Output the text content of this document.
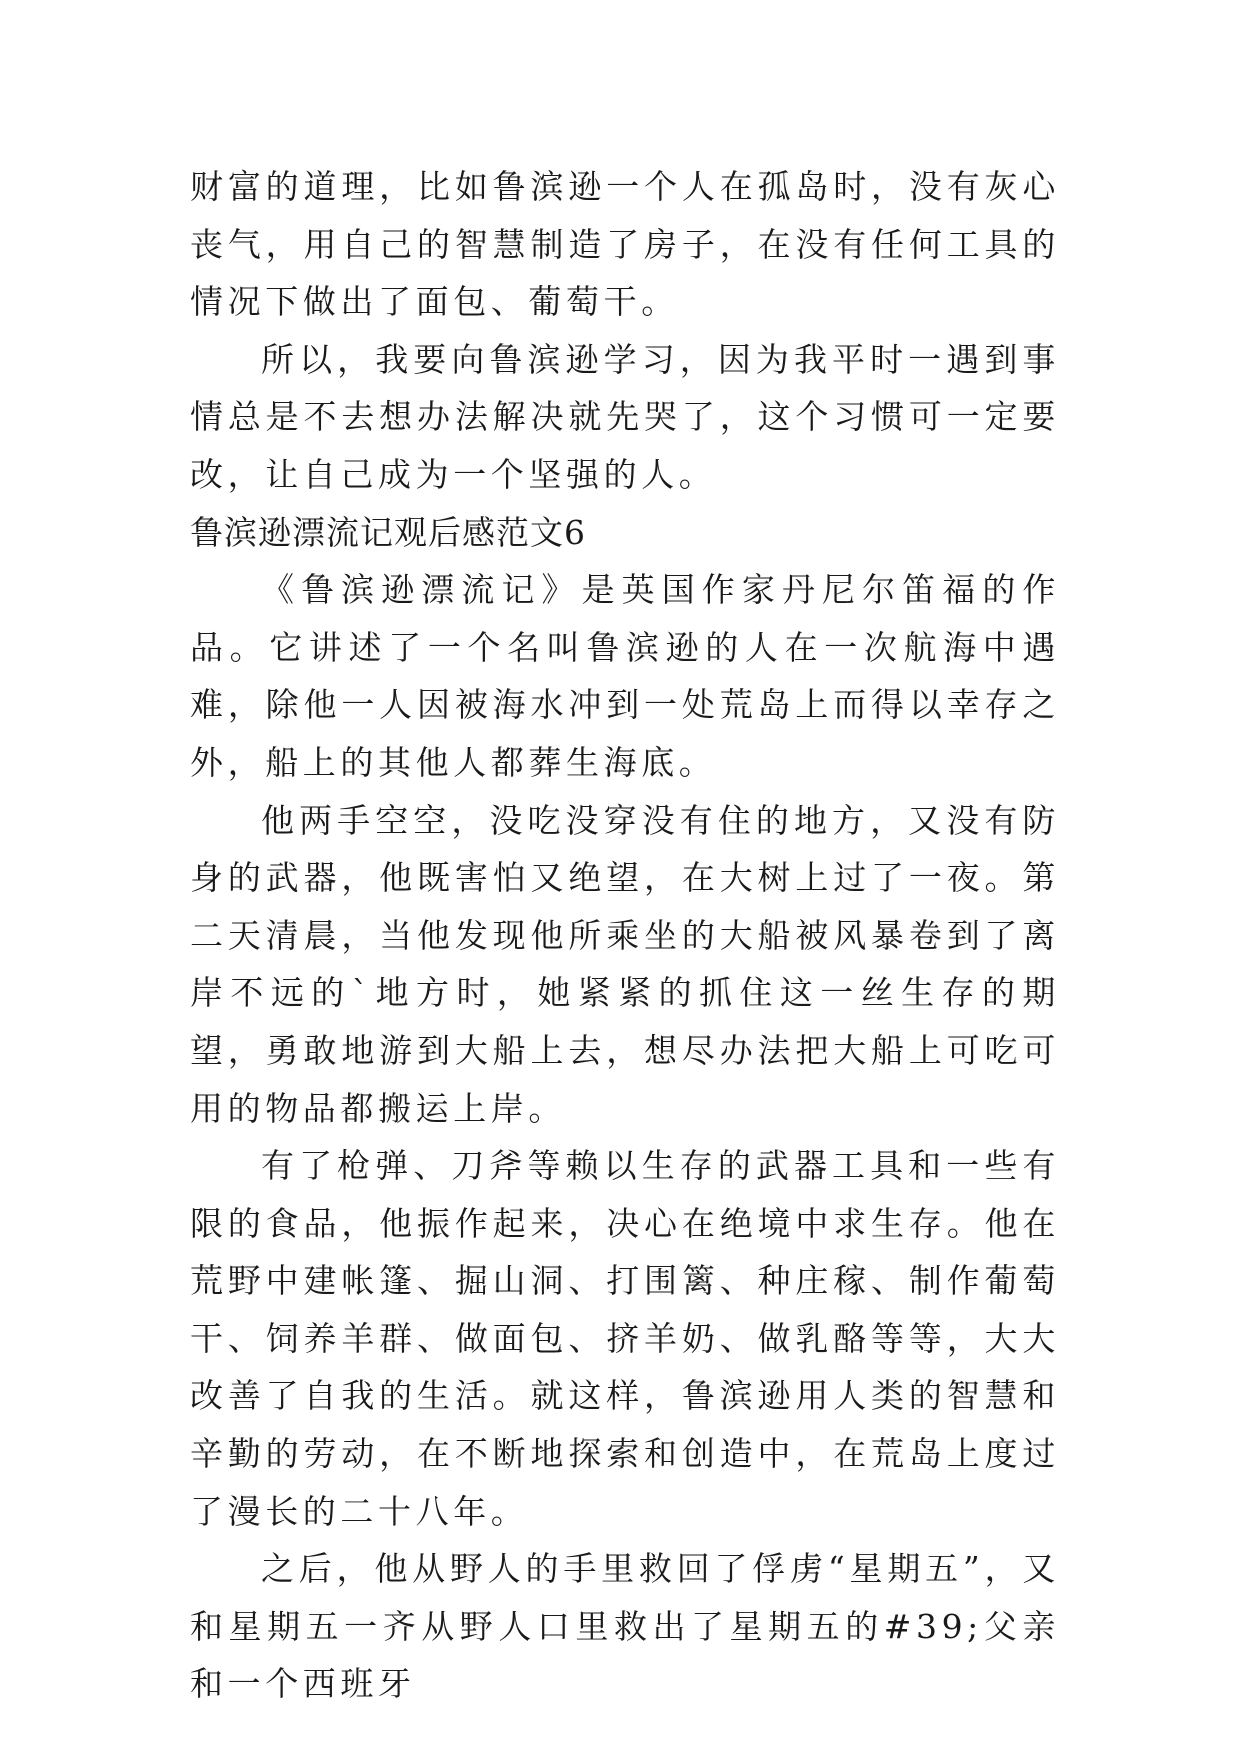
财富的道理，比如鲁滨逊一个人在孤岛时，没有灰心丧气，用自己的智慧制造了房子，在没有任何工具的情况下做出了面包、葡萄干。

所以，我要向鲁滨逊学习，因为我平时一遇到事情总是不去想办法解决就先哭了，这个习惯可一定要改，让自己成为一个坚强的人。

鲁滨逊漂流记观后感范文6

《鲁滨逊漂流记》是英国作家丹尼尔笛福的作品。它讲述了一个名叫鲁滨逊的人在一次航海中遇难，除他一人因被海水冲到一处荒岛上而得以幸存之外，船上的其他人都葬生海底。

他两手空空，没吃没穿没有住的地方，又没有防身的武器，他既害怕又绝望，在大树上过了一夜。第二天清晨，当他发现他所乘坐的大船被风暴卷到了离岸不远的`地方时，她紧紧的抓住这一丝生存的期望，勇敢地游到大船上去，想尽办法把大船上可吃可用的物品都搬运上岸。

有了枪弹、刀斧等赖以生存的武器工具和一些有限的食品，他振作起来，决心在绝境中求生存。他在荒野中建帐篷、掘山洞、打围篱、种庄稼、制作葡萄干、饲养羊群、做面包、挤羊奶、做乳酪等等，大大改善了自我的生活。就这样，鲁滨逊用人类的智慧和辛勤的劳动，在不断地探索和创造中，在荒岛上度过了漫长的二十八年。

之后，他从野人的手里救回了俘虏“星期五”，又和星期五一齐从野人口里救出了星期五的#39;父亲和一个西班牙
